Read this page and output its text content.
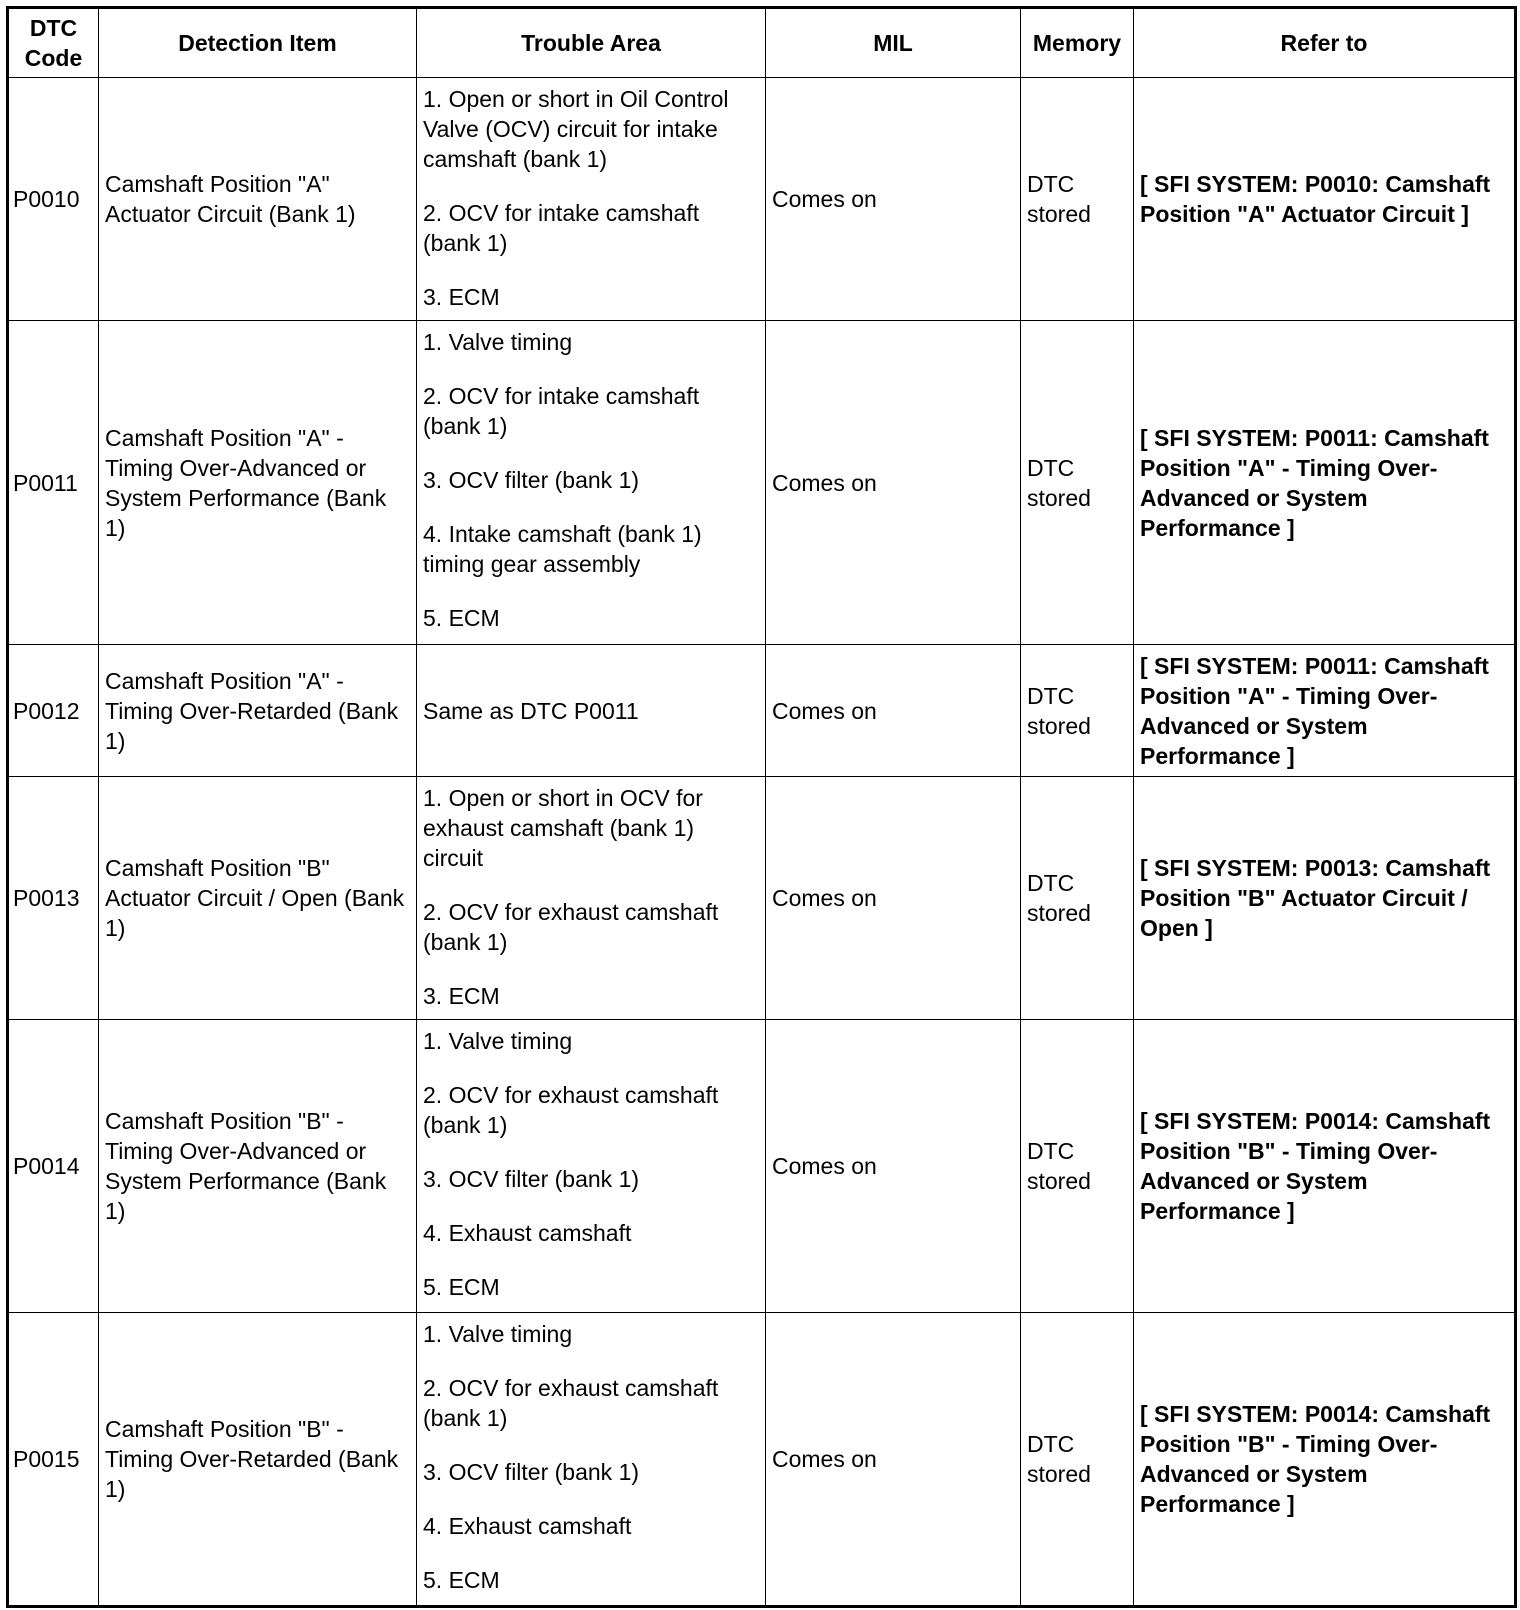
DTC Code	Detection Item	Trouble Area	MIL	Memory	Refer to
P0010	Camshaft Position "A" Actuator Circuit (Bank 1)	1. Open or short in Oil Control Valve (OCV) circuit for intake camshaft (bank 1)
2. OCV for intake camshaft (bank 1)
3. ECM	Comes on	DTC stored	[ SFI SYSTEM: P0010: Camshaft Position "A" Actuator Circuit ]
P0011	Camshaft Position "A" - Timing Over-Advanced or System Performance (Bank 1)	1. Valve timing
2. OCV for intake camshaft (bank 1)
3. OCV filter (bank 1)
4. Intake camshaft (bank 1) timing gear assembly
5. ECM	Comes on	DTC stored	[ SFI SYSTEM: P0011: Camshaft Position "A" - Timing Over-Advanced or System Performance ]
P0012	Camshaft Position "A" - Timing Over-Retarded (Bank 1)	Same as DTC P0011	Comes on	DTC stored	[ SFI SYSTEM: P0011: Camshaft Position "A" - Timing Over-Advanced or System Performance ]
P0013	Camshaft Position "B" Actuator Circuit / Open (Bank 1)	1. Open or short in OCV for exhaust camshaft (bank 1) circuit
2. OCV for exhaust camshaft (bank 1)
3. ECM	Comes on	DTC stored	[ SFI SYSTEM: P0013: Camshaft Position "B" Actuator Circuit / Open ]
P0014	Camshaft Position "B" - Timing Over-Advanced or System Performance (Bank 1)	1. Valve timing
2. OCV for exhaust camshaft (bank 1)
3. OCV filter (bank 1)
4. Exhaust camshaft
5. ECM	Comes on	DTC stored	[ SFI SYSTEM: P0014: Camshaft Position "B" - Timing Over-Advanced or System Performance ]
P0015	Camshaft Position "B" - Timing Over-Retarded (Bank 1)	1. Valve timing
2. OCV for exhaust camshaft (bank 1)
3. OCV filter (bank 1)
4. Exhaust camshaft
5. ECM	Comes on	DTC stored	[ SFI SYSTEM: P0014: Camshaft Position "B" - Timing Over-Advanced or System Performance ]
